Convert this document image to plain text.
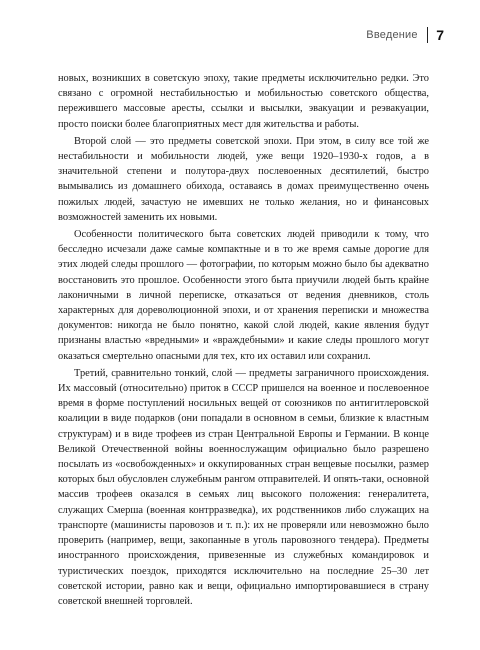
Введение 7

новых, возникших в советскую эпоху, такие предметы исключительно редки. Это связано с огромной нестабильностью и мобильностью советского общества, пережившего массовые аресты, ссылки и высылки, эвакуации и реэвакуации, просто поиски более благоприятных мест для жительства и работы.

Второй слой — это предметы советской эпохи. При этом, в силу все той же нестабильности и мобильности людей, уже вещи 1920–1930-х годов, а в значительной степени и полутора-двух послевоенных десятилетий, быстро вымывались из домашнего обихода, оставаясь в домах преимущественно очень пожилых людей, зачастую не имевших не только желания, но и финансовых возможностей заменить их новыми.

Особенности политического быта советских людей приводили к тому, что бесследно исчезали даже самые компактные и в то же время самые дорогие для этих людей следы прошлого — фотографии, по которым можно было бы адекватно восстановить это прошлое. Особенности этого быта приучили людей быть крайне лаконичными в личной переписке, отказаться от ведения дневников, столь характерных для дореволюционной эпохи, и от хранения переписки и множества документов: никогда не было понятно, какой слой людей, какие явления будут признаны властью «вредными» и «враждебными» и какие следы прошлого могут оказаться смертельно опасными для тех, кто их оставил или сохранил.

Третий, сравнительно тонкий, слой — предметы заграничного происхождения. Их массовый (относительно) приток в СССР пришелся на военное и послевоенное время в форме поступлений носильных вещей от союзников по антигитлеровской коалиции в виде подарков (они попадали в основном в семьи, близкие к властным структурам) и в виде трофеев из стран Центральной Европы и Германии. В конце Великой Отечественной войны военнослужащим официально было разрешено посылать из «освобожденных» и оккупированных стран вещевые посылки, размер которых был обусловлен служебным рангом отправителей. И опять-таки, основной массив трофеев оказался в семьях лиц высокого положения: генералитета, служащих Смерша (военная контрразведка), их родственников либо служащих на транспорте (машинисты паровозов и т. п.): их не проверяли или невозможно было проверить (например, вещи, закопанные в уголь паровозного тендера). Предметы иностранного происхождения, привезенные из служебных командировок и туристических поездок, приходятся исключительно на последние 25–30 лет советской истории, равно как и вещи, официально импортировавшиеся в страну советской внешней торговлей.
